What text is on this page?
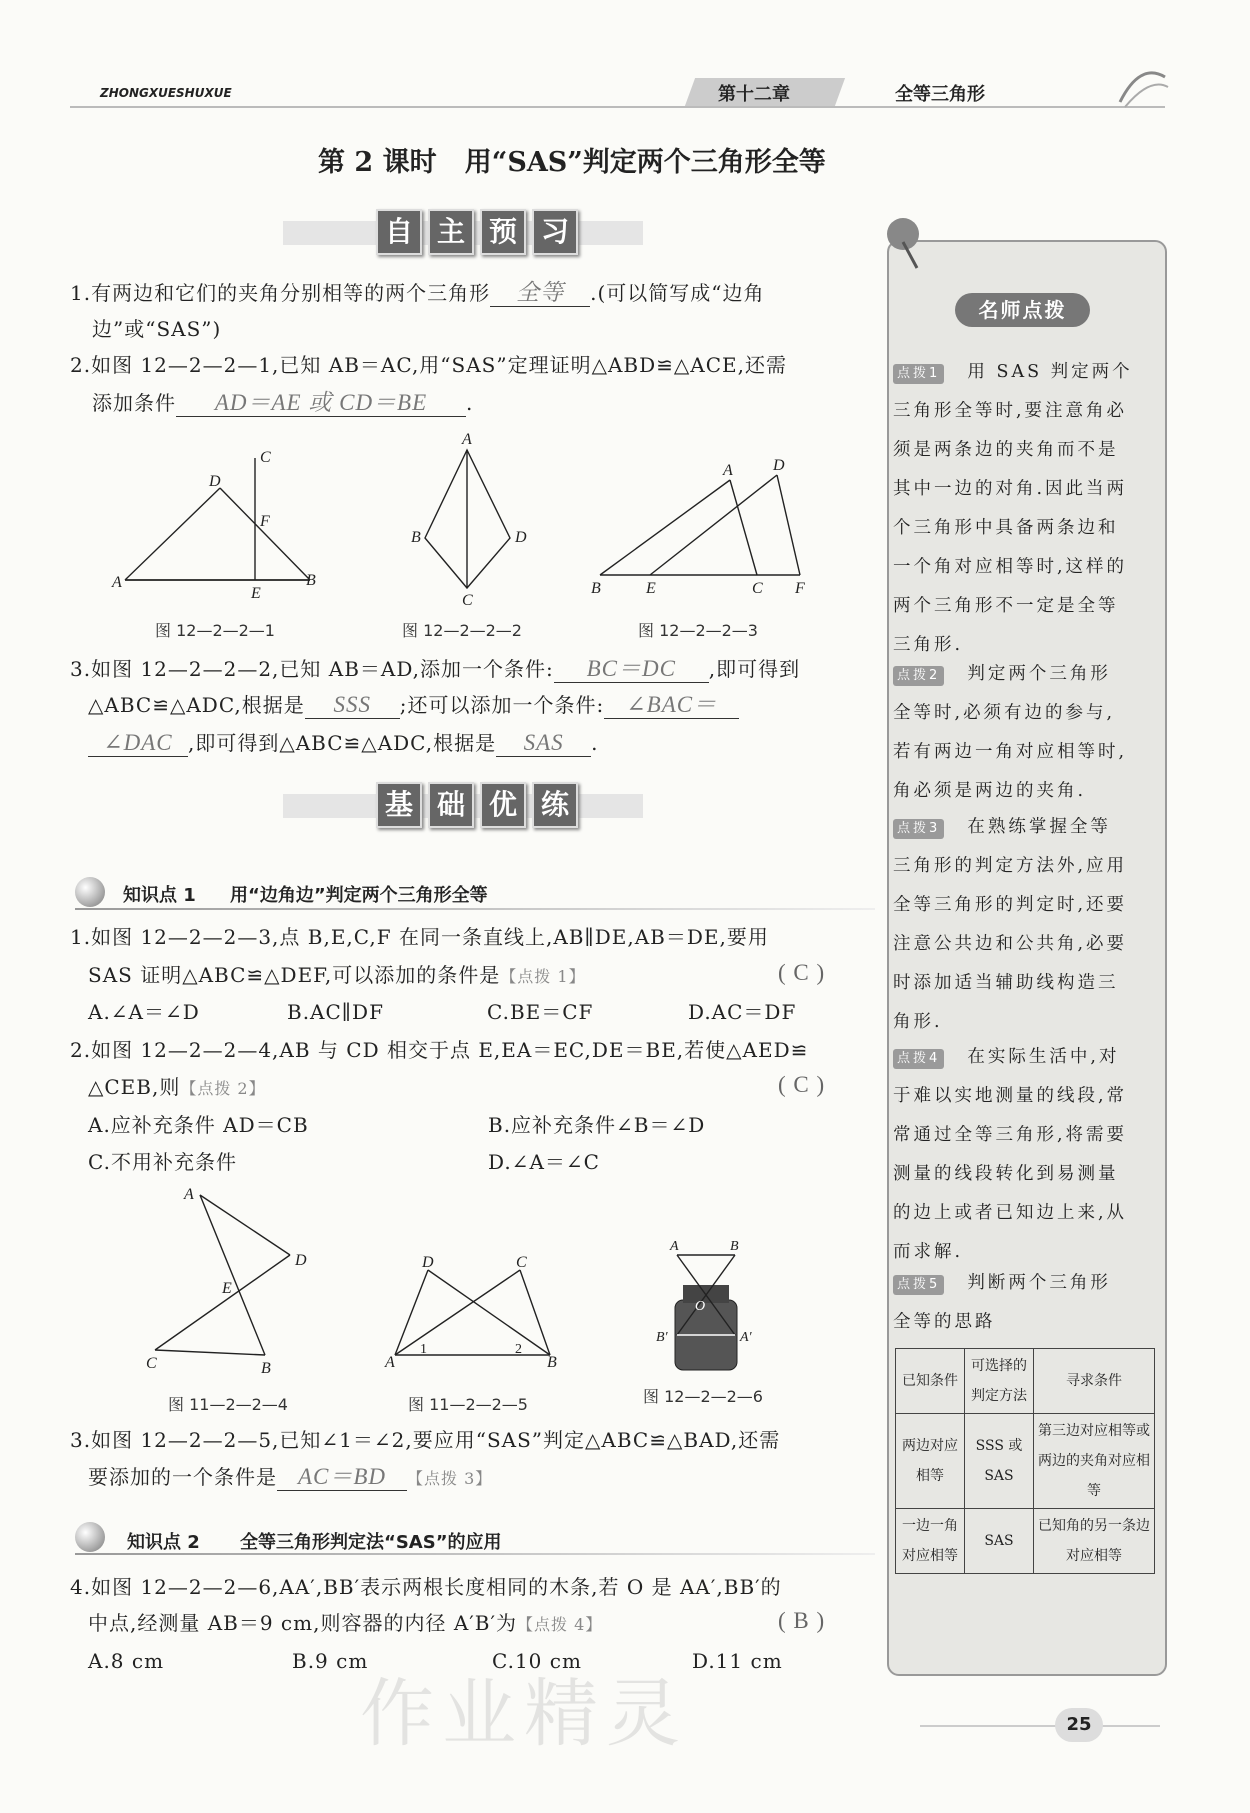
ZHONGXUESHUXUE	第十二章	全等三角形
第 2 课时   用“SAS”判定两个三角形全等
自 主 预 习
1.有两边和它们的夹角分别相等的两个三角形 全等 .(可以简写成“边角
边”或“SAS”)
2.如图 12—2—2—1,已知 AB＝AC,用“SAS”定理证明△ABD≌△ACE,还需
添加条件 AD＝AE 或 CD＝BE .
A
C
D
F
E
B
图 12—2—2—1
A
B	D
C
图 12—2—2—2
B	E	C F
A	D
图 12—2—2—3
3.如图 12—2—2—2,已知 AB＝AD,添加一个条件: BC＝DC ,即可得到
△ABC≌△ADC,根据是 SSS ;还可以添加一个条件: ∠BAC＝
∠DAC ,即可得到△ABC≌△ADC,根据是 SAS .
基 础 优 练
知识点 1 用“边角边”判定两个三角形全等
1.如图 12—2—2—3,点 B,E,C,F 在同一条直线上,AB∥DE,AB＝DE,要用
SAS 证明△ABC≌△DEF,可以添加的条件是【点拨 1】	( C )
A.∠A＝∠D	B.AC∥DF	C.BE＝CF	D.AC＝DF
2.如图 12—2—2—4,AB 与 CD 相交于点 E,EA＝EC,DE＝BE,若使△AED≌
△CEB,则【点拨 2】	( C )
A.应补充条件 AD＝CB	B.应补充条件∠B＝∠D
C.不用补充条件	D.∠A＝∠C
A
D
E
C	B
图 11—2—2—4
A	B
D	C
1	2
图 11—2—2—5
A	B
B′	A′
O
图 12—2—2—6
3.如图 12—2—2—5,已知∠1＝∠2,要应用“SAS”判定△ABC≌△BAD,还需
要添加的一个条件是 AC＝BD 【点拨 3】
知识点 2 全等三角形判定法“SAS”的应用
4.如图 12—2—2—6,AA′,BB′表示两根长度相同的木条,若 O 是 AA′,BB′的
中点,经测量 AB＝9 cm,则容器的内径 A′B′为【点拨 4】	( B )
A.8 cm	B.9 cm	C.10 cm	D.11 cm
名师点拨
点拨1 用 SAS 判定两个
三角形全等时,要注意角必
须是两条边的夹角而不是
其中一边的对角.因此当两
个三角形中具备两条边和
一个角对应相等时,这样的
两个三角形不一定是全等
三角形.
点拨2 判定两个三角形
全等时,必须有边的参与,
若有两边一角对应相等时,
角必须是两边的夹角.
点拨3 在熟练掌握全等
三角形的判定方法外,应用
全等三角形的判定时,还要
注意公共边和公共角,必要
时添加适当辅助线构造三
角形.
点拨4 在实际生活中,对
于难以实地测量的线段,常
常通过全等三角形,将需要
测量的线段转化到易测量
的边上或者已知边上来,从
而求解.
点拨5 判断两个三角形
全等的思路
已知条件	可选择的判定方法	寻求条件
两边对应相等	SSS 或 SAS	第三边对应相等或两边的夹角对应相等
一边一角对应相等	SAS	已知角的另一条边对应相等
作业精灵	25
